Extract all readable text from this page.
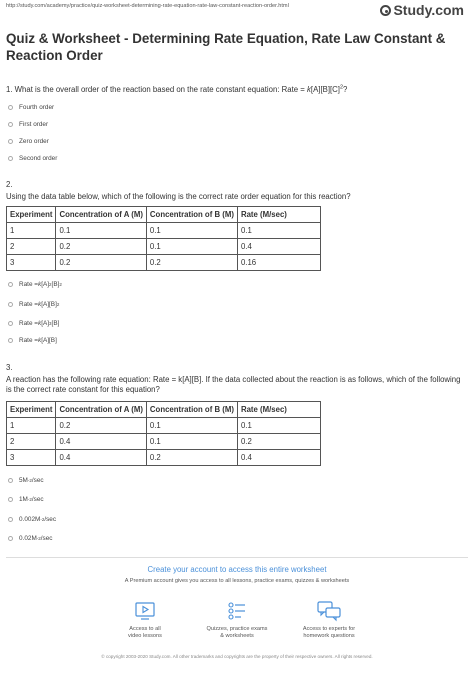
http://study.com/academy/practice/quiz-worksheet-determining-rate-equation-rate-law-constant-reaction-order.html	Study.com
Quiz & Worksheet - Determining Rate Equation, Rate Law Constant & Reaction Order
1. What is the overall order of the reaction based on the rate constant equation: Rate = $k[A][B][C]^2$?
Fourth order
First order
Zero order
Second order
2.
Using the data table below, which of the following is the correct rate order equation for this reaction?
Experiment	Concentration of A (M)	Concentration of B (M)	Rate (M/sec)
1	0.1	0.1	0.1
2	0.2	0.1	0.4
3	0.2	0.2	0.16
Rate = k [A] 2 [B] 2
Rate = k [A][B] 2
Rate = k [A] 3 [B]
Rate = k [A][B]
3.
A reaction has the following rate equation: Rate = k[A][B]. If the data collected about the reaction is as follows, which of the following is the correct rate constant for this equation?
Experiment	Concentration of A (M)	Concentration of B (M)	Rate (M/sec)
1	0.2	0.1	0.1
2	0.4	0.1	0.2
3	0.4	0.2	0.4
5M -2 /sec
1M -2 /sec
0.002M -2 /sec
0.02M -2 /sec
Create your account to access this entire worksheet
A Premium account gives you access to all lessons, practice exams, quizzes & worksheets
Access to all
video lessons
Quizzes, practice exams
& worksheets
Access to experts for
homework questions
© copyright 2003-2020 Study.com. All other trademarks and copyrights are the property of their respective owners. All rights reserved.
